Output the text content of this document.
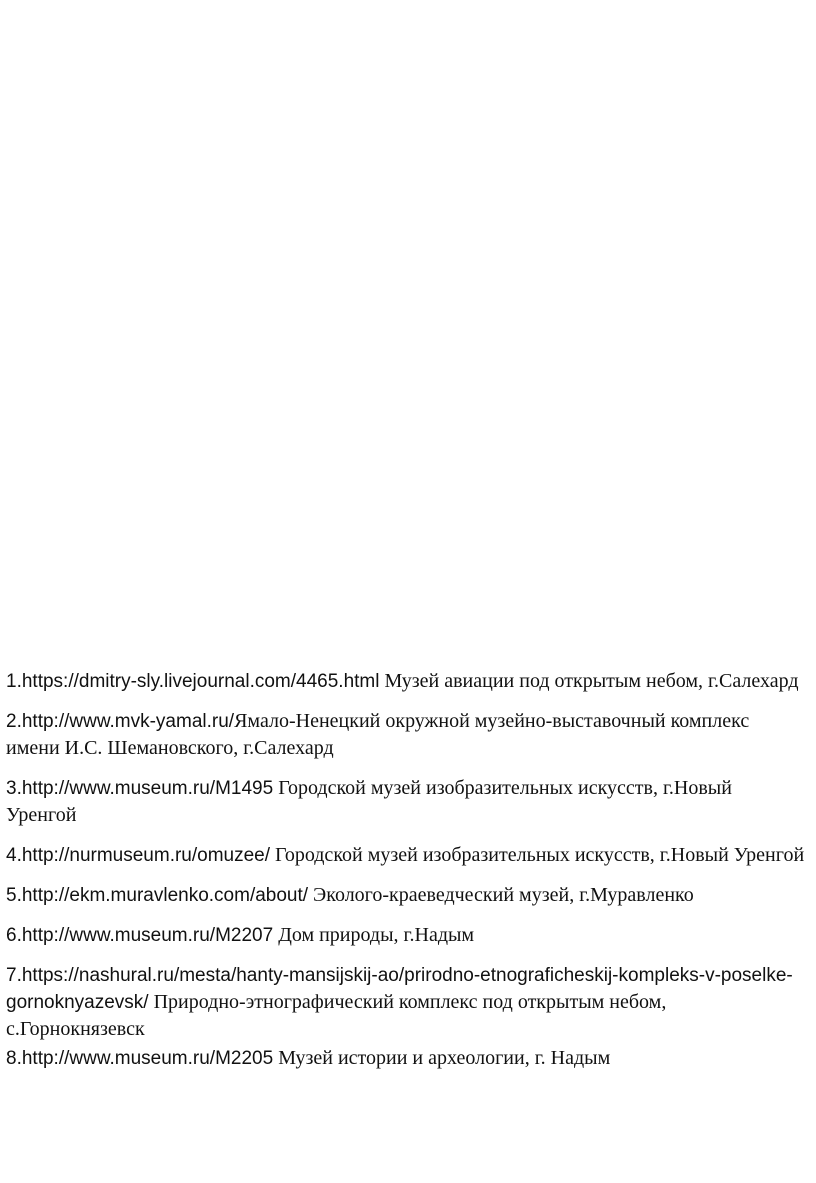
1.https://dmitry-sly.livejournal.com/4465.html Музей авиации под открытым небом, г.Салехард

2.http://www.mvk-yamal.ru/Ямало-Ненецкий окружной музейно-выставочный комплекс имени И.С. Шемановского, г.Салехард

3.http://www.museum.ru/M1495 Городской музей изобразительных искусств, г.Новый Уренгой

4.http://nurmuseum.ru/omuzee/ Городской музей изобразительных искусств, г.Новый Уренгой

5.http://ekm.muravlenko.com/about/ Эколого-краеведческий музей, г.Муравленко

6.http://www.museum.ru/M2207 Дом природы, г.Надым

7.https://nashural.ru/mesta/hanty-mansijskij-ao/prirodno-etnograficheskij-kompleks-v-poselke-gornoknyazevsk/ Природно-этнографический комплекс под открытым небом, с.Горнокнязевск

8.http://www.museum.ru/M2205 Музей истории и археологии, г. Надым
